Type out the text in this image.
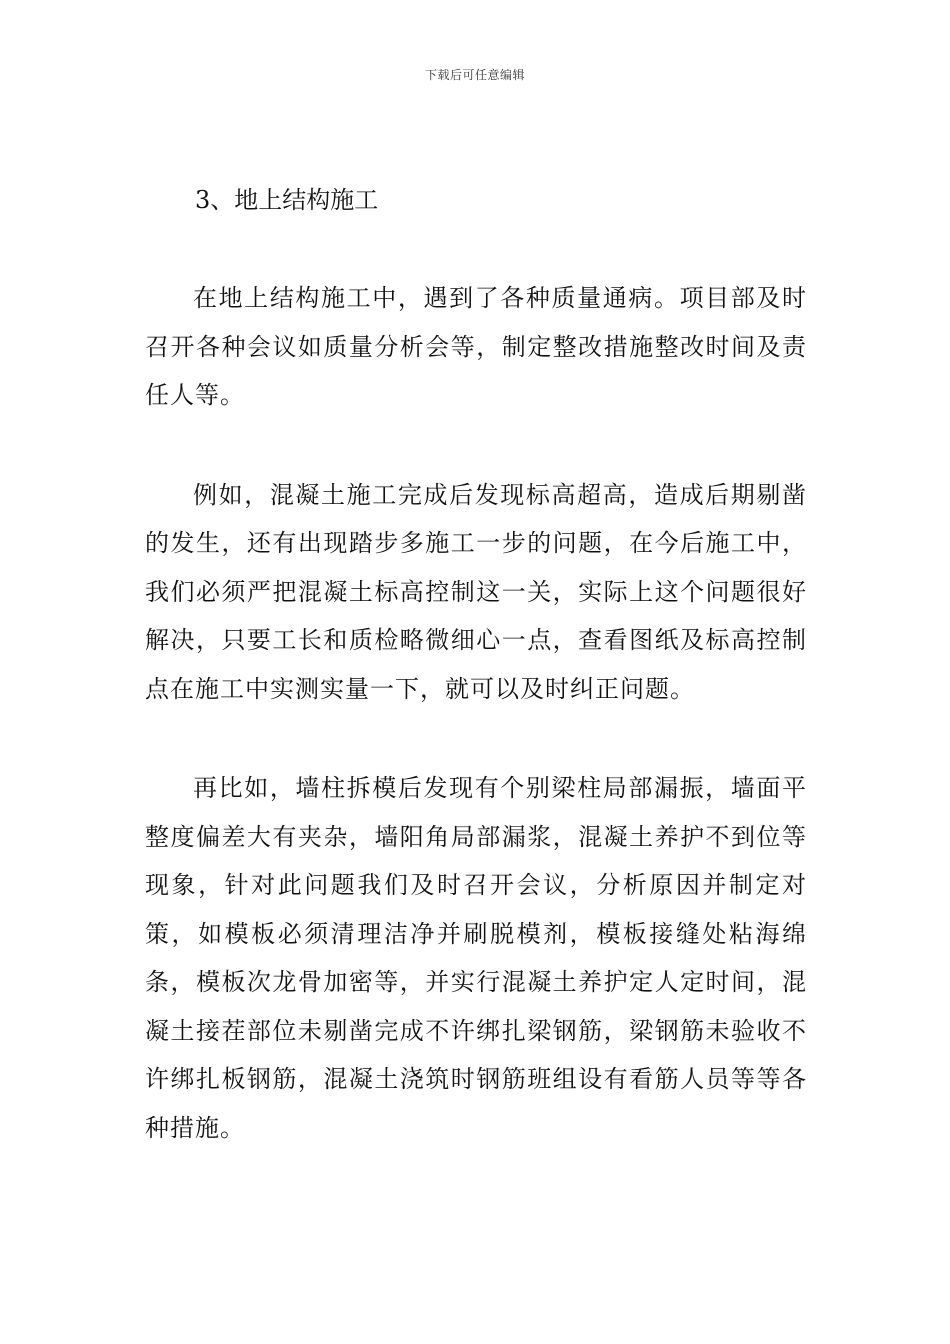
下载后可任意编辑

3、地上结构施工

在地上结构施工中，遇到了各种质量通病。项目部及时召开各种会议如质量分析会等，制定整改措施整改时间及责任人等。

例如，混凝土施工完成后发现标高超高，造成后期剔凿的发生，还有出现踏步多施工一步的问题，在今后施工中，我们必须严把混凝土标高控制这一关，实际上这个问题很好解决，只要工长和质检略微细心一点，查看图纸及标高控制点在施工中实测实量一下，就可以及时纠正问题。

再比如，墙柱拆模后发现有个别梁柱局部漏振，墙面平整度偏差大有夹杂，墙阳角局部漏浆，混凝土养护不到位等现象，针对此问题我们及时召开会议，分析原因并制定对策，如模板必须清理洁净并刷脱模剂，模板接缝处粘海绵条，模板次龙骨加密等，并实行混凝土养护定人定时间，混凝土接茬部位未剔凿完成不许绑扎梁钢筋，梁钢筋未验收不许绑扎板钢筋，混凝土浇筑时钢筋班组设有看筋人员等等各种措施。
